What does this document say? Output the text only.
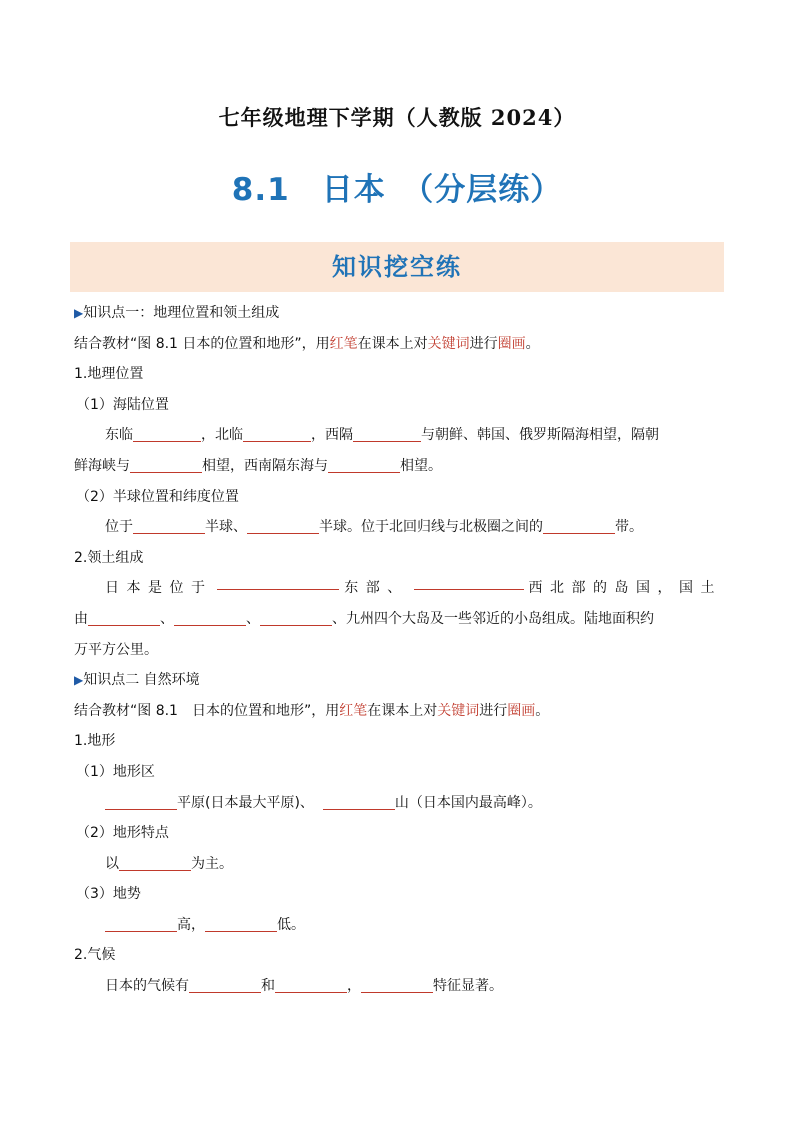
七年级地理下学期（人教版 2024）
8.1　日本　（分层练）
知识挖空练
▶知识点一：地理位置和领土组成
结合教材“图 8.1 日本的位置和地形”，用红笔在课本上对关键词进行圈画。
1.地理位置
（1）海陆位置
东临	，北临	，西隔	与朝鲜、韩国、俄罗斯隔海相望，隔朝
鲜海峡与	相望，西南隔东海与	相望。
（2）半球位置和纬度位置
位于	半球、	半球。位于北回归线与北极圈之间的	带。
2.领土组成
日本是位于	东部、	西北部的岛国，国土
由	、	、	、九州四个大岛及一些邻近的小岛组成。陆地面积约
万平方公里。
▶知识点二 自然环境
结合教材“图 8.1　日本的位置和地形”，用红笔在课本上对关键词进行圈画。
1.地形
（1）地形区
平原(日本最大平原)、	山（日本国内最高峰）。
（2）地形特点
以	为主。
（3）地势
高，	低。
2.气候
日本的气候有	和	，	特征显著。
